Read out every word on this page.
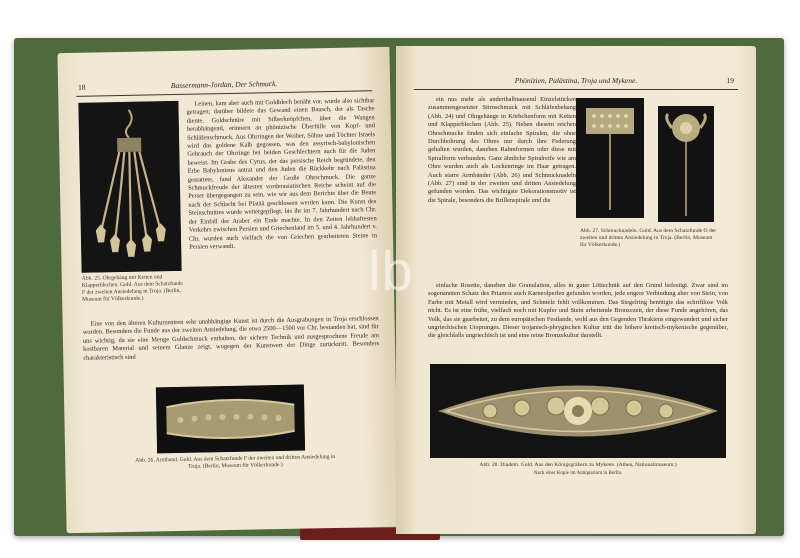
18	Bassermann-Jordan, Der Schmuck.
Abb. 25. Ohrgehäng mit Ketten und Klapperblechen. Gold. Aus dem Schatzfunde F der zweiten Ansiedelung in Troja. (Berlin, Museum für Völkerkunde.)

Leinen, kam aber auch mit Goldblech benäht vor, wurde also sichtbar getragen; darüber bildete das Gewand einen Bausch, der als Tasche diente. Goldschnüre mit Silberknöpfchen, über die Wangen herabhängend, erinnern an phönizische Überfülle von Kopf- und Schläfenschmuck. Aus Ohrringen der Weiber, Söhne und Töchter Israels wird das goldene Kalb gegossen, was den assyrisch-babylonischen Gebrauch der Ohrringe bei beiden Geschlechtern auch für die Juden beweist. Im Grabe des Cyrus, der das persische Reich begründete, den Erbe Babyloniens antrat und den Juden die Rückkehr nach Palästina gestattete, fand Alexander der Große Ohrschmuck. Die ganze Schmuckfreude der ältesten vorderasiatischen Reiche scheint auf die Perser übergegangen zu sein, wie wir aus dem Berichte über die Beute nach der Schlacht bei Platää geschlossen werden kann. Die Kunst des Steinschnittes wurde weitergepflegt, bis ihr im 7. Jahrhundert nach Chr. der Einfall der Araber ein Ende machte. In den Zeiten lebhaftesten Verkehrs zwischen Persien und Griechenland im 5. und 4. Jahrhundert v. Chr. wurden auch vielfach die von Griechen gearbeiteten Steine in Persien verwandt.

Eine von den älteren Kulturzentren sehr unabhängige Kunst ist durch die Ausgrabungen in Troja erschlossen worden. Besonders die Funde aus der zweiten Ansiedelung, die etwa 2500—1500 vor Chr. bestanden hat, sind für uns wichtig, da sie eine Menge Goldschmuck enthalten, der sichere Technik und ausgesprochene Freude am kostbaren Material und seinem Glanze zeigt, wogegen der Kunstwert der Dinge zurücktritt. Besonders charakteristisch sind

Abb. 26. Armband. Gold. Aus dem Schatzfunde F der zweiten und dritten Ansiedelung in Troja. (Berlin, Museum für Völkerkunde.)
Phönizien, Palästina, Troja und Mykene.	19

ein nus mehr als anderthalbtausend Einzelstücken zusammengesetzter Stirnschmuck mit Schläfenbehang (Abb. 24) und Ohrgehänge in Körbchenform mit Ketten und Klapperblechen (Abb. 25). Neben diesem reichen Ohrschmucke finden sich einfache Spiralen, die ohne Durchbohrung des Ohres nur durch ihre Federung gehalten wurden, daneben Rahmformen oder diese mit Spiralform verbunden. Ganz ähnliche Spiralreife wie am Ohre wurden auch als Lockenringe im Haar getragen. Auch starre Armbänder (Abb. 26) und Schmucknadeln (Abb. 27) sind in der zweiten und dritten Ansiedelung gefunden worden. Das wichtigste Dekorationsmotiv ist die Spirale, besonders die Brillenspirale und die

Abb. 27. Schmucknadeln. Gold. Aus dem Schatzfunde O der zweiten und dritten Ansiedelung in Troja. (Berlin, Museum für Völkerkunde.)

einfache Rosette, daneben die Granulation, alles in guter Löttechnik auf den Grund befestigt. Zwar sind im sogenannten Schatz des Priamos auch Karneolperlen gefunden worden, jede engere Verbindung aber von Stein, von Farbe mit Metall wird vermieden, und Schmelz fehlt vollkommen. Das Siegelring benötigte das schriftlose Volk nicht. Es ist eine frühe, vielfach noch mit Kupfer und Stein arbeitende Bronzezeit, der diese Funde angehören, das Volk, das sie gearbeitet, zu dem europäischen Festlande, wohl aus den Gegenden Thrakiens eingewandert und sicher ungriechischen Ursprunges. Dieser trojanisch-phrygischen Kultur tritt die höhere kretisch-mykenische gegenüber, die gleichfalls ungriechisch ist und eine reine Bronzekultur darstellt.

Abb. 28. Diadem. Gold. Aus den Königsgräbern zu Mykene. (Athen, Nationalmuseum.)
Nach einer Kopie im Antiquarium in Berlin.
lb
